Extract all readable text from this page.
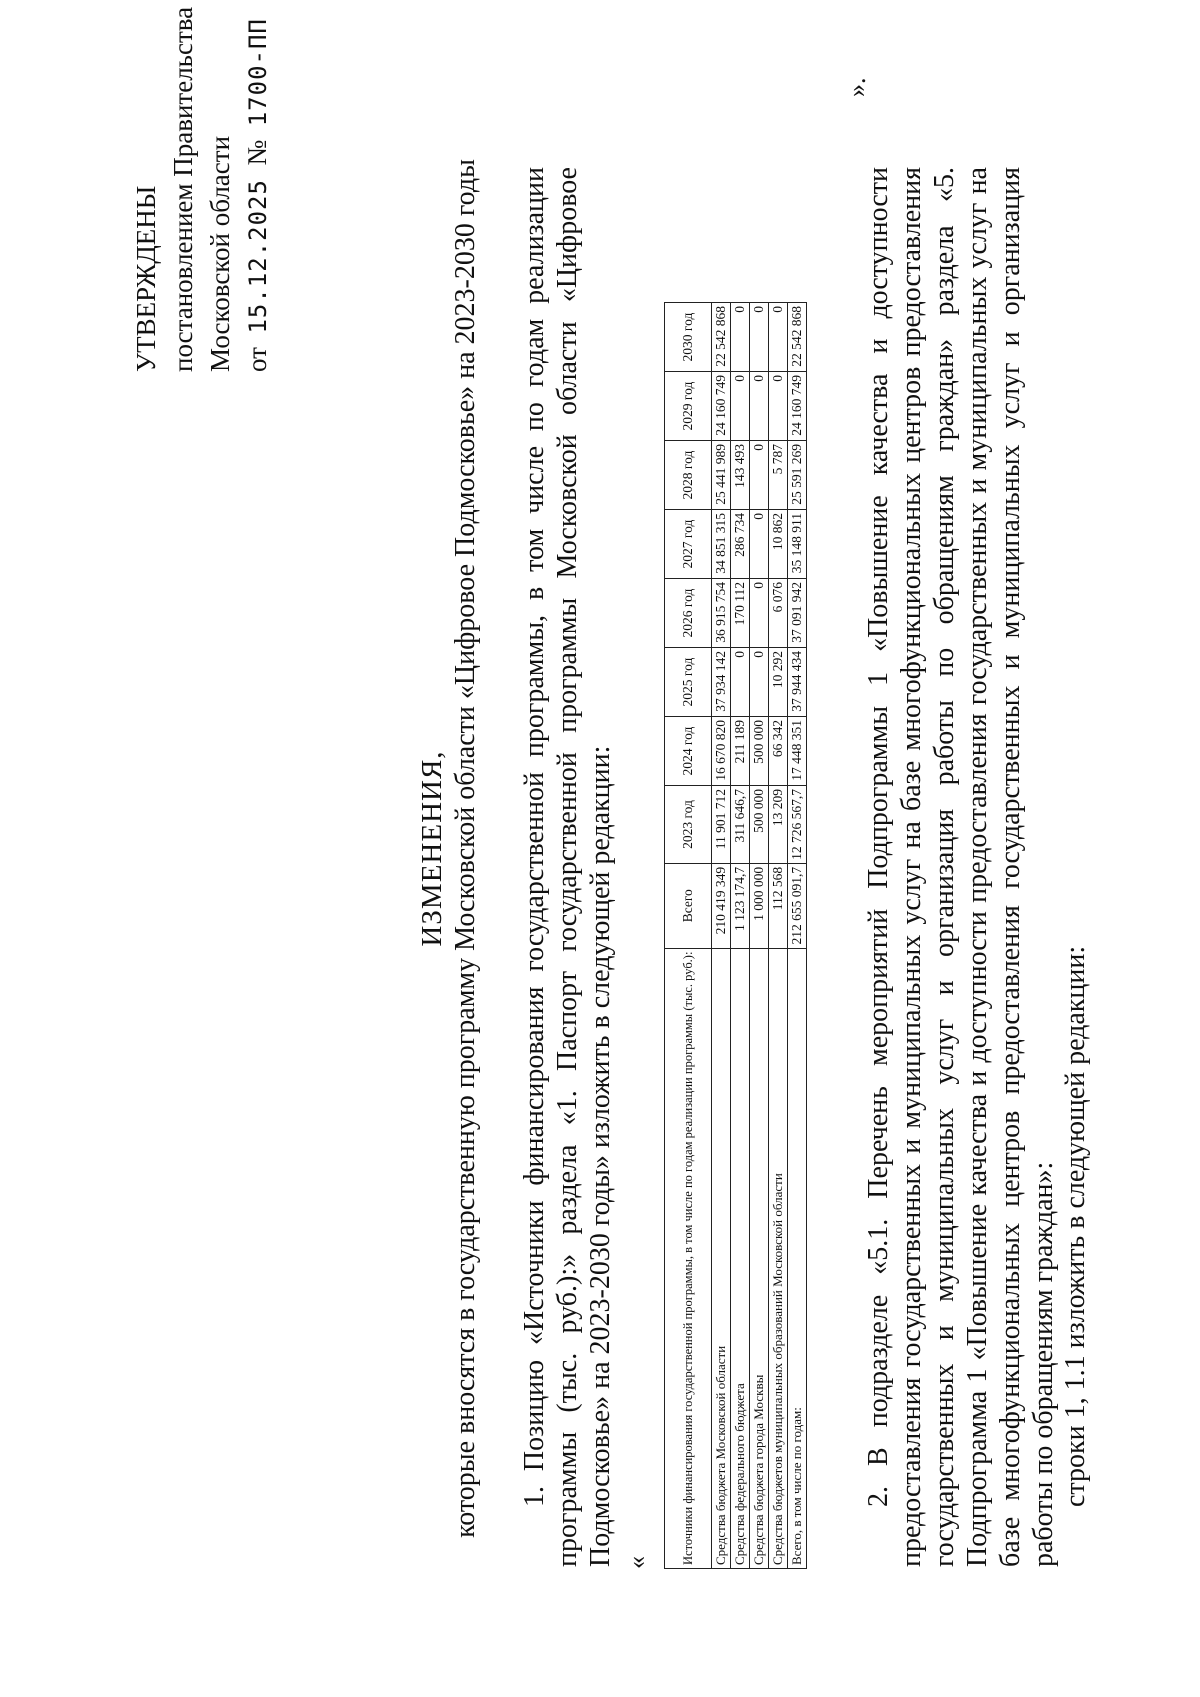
УТВЕРЖДЕНЫ постановлением Правительства Московской области от  15.12.2025  №  1700-ПП
ИЗМЕНЕНИЯ, которые вносятся в государственную программу Московской области «Цифровое Подмосковье» на 2023-2030 годы 1. Позицию «Источники финансирования государственной программы, в том числе по годам реализации программы (тыс. руб.):» раздела «1. Паспорт государственной программы Московской области «Цифровое Подмосковье» на 2023-2030 годы» изложить в следующей редакции: « Источники финансирования государственной программы, в том числе по годам реализации программы (тыс. руб.):	Всего	2023 год	2024 год	2025 год	2026 год	2027 год	2028 год	2029 год	2030 год
Средства бюджета Московской области	210 419 349	11 901 712	16 670 820	37 934 142	36 915 754	34 851 315	25 441 989	24 160 749	22 542 868
Средства федерального бюджета	1 123 174,7	311 646,7	211 189	0	170 112	286 734	143 493	0	0
Средства бюджета города Москвы	1 000 000	500 000	500 000	0	0	0	0	0	0
Средства бюджетов муниципальных образований Московской области	112 568	13 209	66 342	10 292	6 076	10 862	5 787	0	0
Всего, в том числе по годам:	212 655 091,7	12 726 567,7	17 448 351	37 944 434	37 091 942	35 148 911	25 591 269	24 160 749	22 542 868
».
2. В подразделе «5.1. Перечень мероприятий Подпрограммы 1 «Повышение качества и доступности предоставления государственных и муниципальных услуг на базе многофункциональных центров предоставления государственных и муниципальных услуг и организация работы по обращениям граждан» раздела «5. Подпрограмма 1 «Повышение качества и доступности предоставления государственных и муниципальных услуг на базе многофункциональных центров предоставления государственных и муниципальных услуг и организация работы по обращениям граждан»: строки 1, 1.1 изложить в следующей редакции:
